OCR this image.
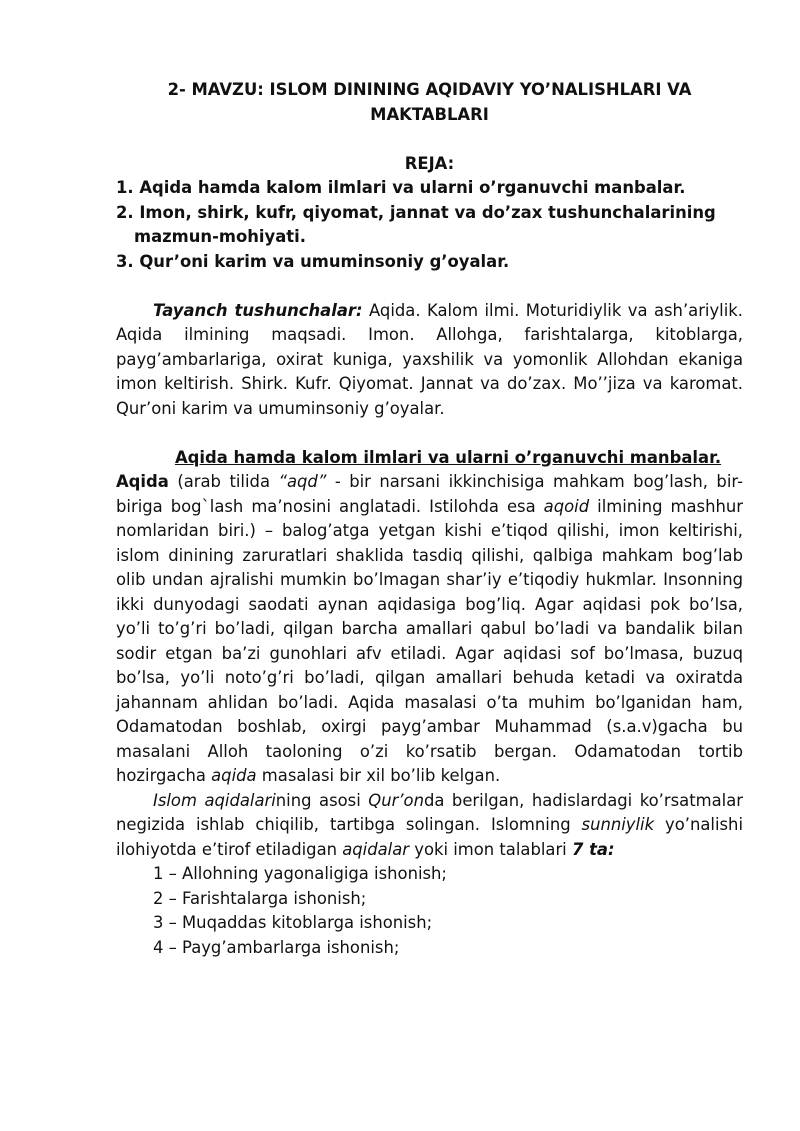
2- MAVZU: ISLOM DININING AQIDAVIY YO’NALISHLARI VA
MAKTABLARI

REJA:

1. Aqida hamda kalom ilmlari va ularni o’rganuvchi manbalar.

2. Imon, shirk, kufr, qiyomat, jannat va do’zax tushunchalarining
mazmun-mohiyati.

3. Qur’oni karim va umuminsoniy g’oyalar.

Tayanch tushunchalar: Aqida. Kalom ilmi. Moturidiylik va ash’ariylik. Aqida ilmining maqsadi. Imon. Allohga, farishtalarga, kitoblarga, payg’ambarlariga, oxirat kuniga, yaxshilik va yomonlik Allohdan ekaniga imon keltirish. Shirk. Kufr. Qiyomat. Jannat va do’zax. Mo’’jiza va karomat. Qur’oni karim va umuminsoniy g’oyalar.

Aqida hamda kalom ilmlari va ularni o’rganuvchi manbalar.

Aqida (arab tilida “aqd” - bir narsani ikkinchisiga mahkam bog’lash, bir-biriga bog`lash ma’nosini anglatadi. Istilohda esa aqoid ilmining mashhur nomlaridan biri.) – balog’atga yetgan kishi e’tiqod qilishi, imon keltirishi, islom dinining zaruratlari shaklida tasdiq qilishi, qalbiga mahkam bog’lab olib undan ajralishi mumkin bo’lmagan shar’iy e’tiqodiy hukmlar. Insonning ikki dunyodagi saodati aynan aqidasiga bog’liq. Agar aqidasi pok bo’lsa, yo’li to’g’ri bo’ladi, qilgan barcha amallari qabul bo’ladi va bandalik bilan sodir etgan ba’zi gunohlari afv etiladi. Agar aqidasi sof bo’lmasa, buzuq bo’lsa, yo’li noto’g’ri bo’ladi, qilgan amallari behuda ketadi va oxiratda jahannam ahlidan bo’ladi. Aqida masalasi o’ta muhim bo’lganidan ham, Odamatodan boshlab, oxirgi payg’ambar Muhammad (s.a.v)gacha bu masalani Alloh taoloning o’zi ko’rsatib bergan. Odamatodan tortib hozirgacha aqida masalasi bir xil bo’lib kelgan.

Islom aqidalarining asosi Qur’onda berilgan, hadislardagi ko’rsatmalar negizida ishlab chiqilib, tartibga solingan. Islomning sunniylik yo’nalishi ilohiyotda e’tirof etiladigan aqidalar yoki imon talablari 7 ta:

1 – Allohning yagonaligiga ishonish;

2 – Farishtalarga ishonish;

3 – Muqaddas kitoblarga ishonish;

4 – Payg’ambarlarga ishonish;
